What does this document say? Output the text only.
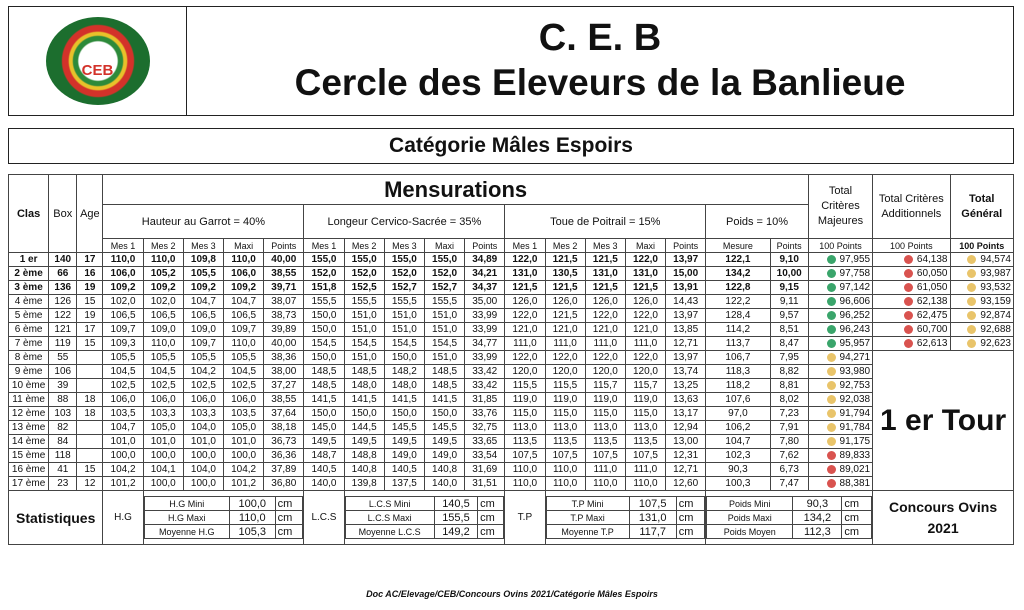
CEB
C. E. B
Cercle des Eleveurs de la Banlieue
Catégorie Mâles Espoirs
Clas	Box	Age	Mensurations	Total Critères Majeures	Total Critères Additionnels	Total Général
Hauteur au Garrot = 40%	Longeur Cervico-Sacrée = 35%	Toue de Poitrail = 15%	Poids = 10%
Mes 1	Mes 2	Mes 3	Maxi	Points	Mes 1	Mes 2	Mes 3	Maxi	Points	Mes 1	Mes 2	Mes 3	Maxi	Points	Mesure	Points	100 Points	100 Points	100 Points
1 er	140	17	110,0	110,0	109,8	110,0	40,00	155,0	155,0	155,0	155,0	34,89	122,0	121,5	121,5	122,0	13,97	122,1	9,10	97,955	64,138	94,574
2 ème	66	16	106,0	105,2	105,5	106,0	38,55	152,0	152,0	152,0	152,0	34,21	131,0	130,5	131,0	131,0	15,00	134,2	10,00	97,758	60,050	93,987
3 ème	136	19	109,2	109,2	109,2	109,2	39,71	151,8	152,5	152,7	152,7	34,37	121,5	121,5	121,5	121,5	13,91	122,8	9,15	97,142	61,050	93,532
4 ème	126	15	102,0	102,0	104,7	104,7	38,07	155,5	155,5	155,5	155,5	35,00	126,0	126,0	126,0	126,0	14,43	122,2	9,11	96,606	62,138	93,159
5 ème	122	19	106,5	106,5	106,5	106,5	38,73	150,0	151,0	151,0	151,0	33,99	122,0	121,5	122,0	122,0	13,97	128,4	9,57	96,252	62,475	92,874
6 ème	121	17	109,7	109,0	109,0	109,7	39,89	150,0	151,0	151,0	151,0	33,99	121,0	121,0	121,0	121,0	13,85	114,2	8,51	96,243	60,700	92,688
7 ème	119	15	109,3	110,0	109,7	110,0	40,00	154,5	154,5	154,5	154,5	34,77	111,0	111,0	111,0	111,0	12,71	113,7	8,47	95,957	62,613	92,623
8 ème	55		105,5	105,5	105,5	105,5	38,36	150,0	151,0	150,0	151,0	33,99	122,0	122,0	122,0	122,0	13,97	106,7	7,95	94,271	1 er Tour
9 ème	106		104,5	104,5	104,2	104,5	38,00	148,5	148,5	148,2	148,5	33,42	120,0	120,0	120,0	120,0	13,74	118,3	8,82	93,980
10 ème	39		102,5	102,5	102,5	102,5	37,27	148,5	148,0	148,0	148,5	33,42	115,5	115,5	115,7	115,7	13,25	118,2	8,81	92,753
11 ème	88	18	106,0	106,0	106,0	106,0	38,55	141,5	141,5	141,5	141,5	31,85	119,0	119,0	119,0	119,0	13,63	107,6	8,02	92,038
12 ème	103	18	103,5	103,3	103,3	103,5	37,64	150,0	150,0	150,0	150,0	33,76	115,0	115,0	115,0	115,0	13,17	97,0	7,23	91,794
13 ème	82		104,7	105,0	104,0	105,0	38,18	145,0	144,5	145,5	145,5	32,75	113,0	113,0	113,0	113,0	12,94	106,2	7,91	91,784
14 ème	84		101,0	101,0	101,0	101,0	36,73	149,5	149,5	149,5	149,5	33,65	113,5	113,5	113,5	113,5	13,00	104,7	7,80	91,175
15 ème	118		100,0	100,0	100,0	100,0	36,36	148,7	148,8	149,0	149,0	33,54	107,5	107,5	107,5	107,5	12,31	102,3	7,62	89,833
16 ème	41	15	104,2	104,1	104,0	104,2	37,89	140,5	140,8	140,5	140,8	31,69	110,0	110,0	111,0	111,0	12,71	90,3	6,73	89,021
17 ème	23	12	101,2	100,0	100,0	101,2	36,80	140,0	139,8	137,5	140,0	31,51	110,0	110,0	110,0	110,0	12,60	100,3	7,47	88,381
Statistiques	H.G	
H.G Mini	100,0	cm
H.G Maxi	110,0	cm
Moyenne H.G	105,3	cm
	L.C.S	
L.C.S Mini	140,5	cm
L.C.S Maxi	155,5	cm
Moyenne L.C.S	149,2	cm
	T.P	
T.P Mini	107,5	cm
T.P Maxi	131,0	cm
Moyenne T.P	117,7	cm

Poids Mini	90,3	cm
Poids Maxi	134,2	cm
Poids Moyen	112,3	cm

Concours Ovins
2021
Doc AC/Elevage/CEB/Concours Ovins 2021/Catégorie Mâles Espoirs
